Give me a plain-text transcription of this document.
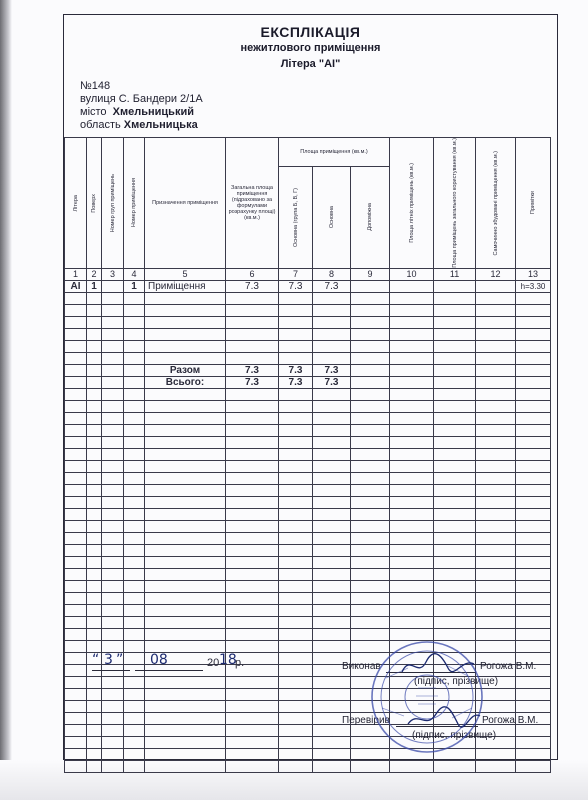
ЕКСПЛІКАЦІЯ
нежитлового приміщення
Літера "АІ"
№148
вулиця С. Бандери 2/1А
місто Хмельницький
область Хмельницька
Літера	Поверх	Номер груп приміщень	Номер приміщення	Призначення приміщення	Загальна площа приміщення (підраховано за формулами розрахунку площі) (кв.м.)	Площа приміщення (кв.м.)			Площа літніх приміщень (кв.м.)	Площа приміщень загального користування (кв.м.)	Самочинно збудовані приміщення (кв.м.)	Примітки

						Основна (група Б, В, Г)	Основна	Допоміжна				

1	2	3	4	5	6	7	8	9	10	11	12	13
АІ	1		1	Приміщення	7.3	7.3	7.3					h=3.30

				Разом	7.3	7.3	7.3					
				Всього:	7.3	7.3	7.3					

“ 3 ” 08	20 18
р.	Виконав	Рогожа В.М.
(підпис, прізвище)
Перевірив	Рогожа В.М.
(підпис, прізвище)
